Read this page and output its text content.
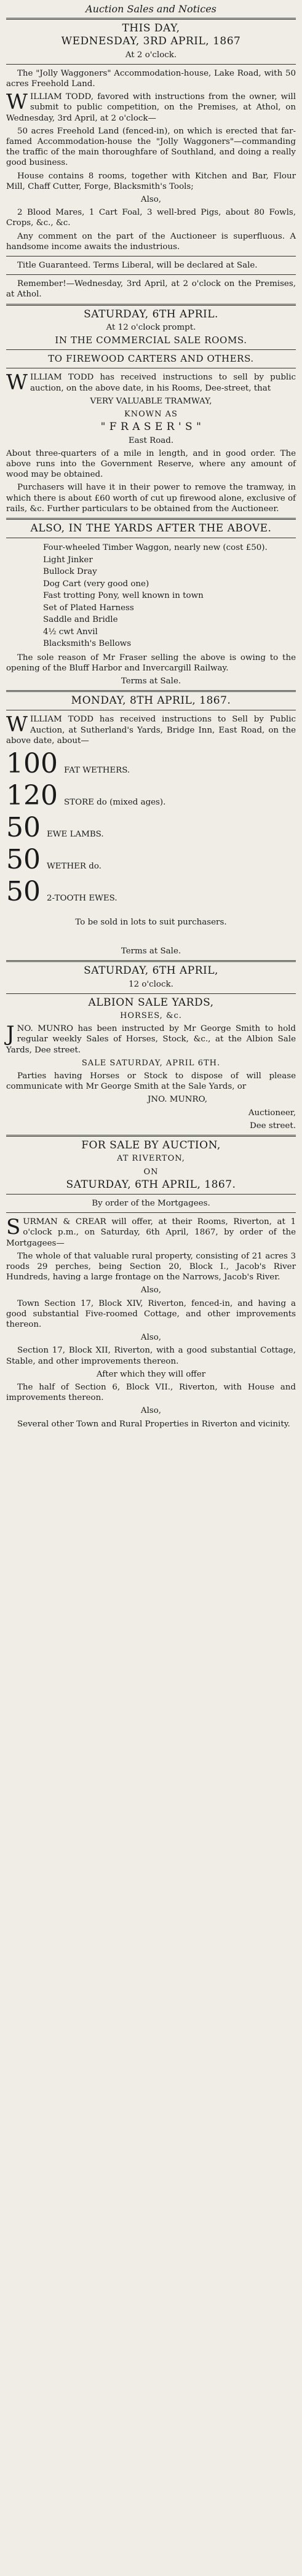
Auction Sales and Notices
THIS DAY,
WEDNESDAY, 3RD APRIL, 1867
At 2 o'clock.
The "Jolly Waggoners" Accommodation-house, Lake Road, with 50 acres Freehold Land.
WILLIAM TODD, favored with instructions from the owner, will submit to public competition, on the Premises, at Athol, on Wednesday, 3rd April, at 2 o'clock—
50 acres Freehold Land (fenced-in), on which is erected that far-famed Accommodation-house the "Jolly Waggoners"—commanding the traffic of the main thoroughfare of Southland, and doing a really good business.
House contains 8 rooms, together with Kitchen and Bar, Flour Mill, Chaff Cutter, Forge, Blacksmith's Tools;
Also,
2 Blood Mares, 1 Cart Foal, 3 well-bred Pigs, about 80 Fowls, Crops, &c., &c.
Any comment on the part of the Auctioneer is superfluous. A handsome income awaits the industrious.
Title Guaranteed. Terms Liberal, will be declared at Sale.
Remember!—Wednesday, 3rd April, at 2 o'clock on the Premises, at Athol.
SATURDAY, 6TH APRIL.
At 12 o'clock prompt.
IN THE COMMERCIAL SALE ROOMS.
TO FIREWOOD CARTERS AND OTHERS.
WILLIAM TODD has received instructions to sell by public auction, on the above date, in his Rooms, Dee-street, that
VERY VALUABLE TRAMWAY,
KNOWN AS
" F R A S E R ' S "
East Road.
About three-quarters of a mile in length, and in good order. The above runs into the Government Reserve, where any amount of wood may be obtained.
Purchasers will have it in their power to remove the tramway, in which there is about £60 worth of cut up firewood alone, exclusive of rails, &c. Further particulars to be obtained from the Auctioneer.
ALSO, IN THE YARDS AFTER THE ABOVE.
Four-wheeled Timber Waggon, nearly new (cost £50).
Light Jinker
Bullock Dray
Dog Cart (very good one)
Fast trotting Pony, well known in town
Set of Plated Harness
Saddle and Bridle
4½ cwt Anvil
Blacksmith's Bellows
The sole reason of Mr Fraser selling the above is owing to the opening of the Bluff Harbor and Invercargill Railway.
Terms at Sale.
MONDAY, 8TH APRIL, 1867.
WILLIAM TODD has received instructions to Sell by Public Auction, at Sutherland's Yards, Bridge Inn, East Road, on the above date, about—
100 FAT WETHERS.
120 STORE do (mixed ages).
50 EWE LAMBS.
50 WETHER do.
50 2-TOOTH EWES.
To be sold in lots to suit purchasers.
Terms at Sale.
SATURDAY, 6TH APRIL,
12 o'clock.
ALBION SALE YARDS,
HORSES, &c.
JNO. MUNRO has been instructed by Mr George Smith to hold regular weekly Sales of Horses, Stock, &c., at the Albion Sale Yards, Dee street.
SALE SATURDAY, APRIL 6TH.
Parties having Horses or Stock to dispose of will please communicate with Mr George Smith at the Sale Yards, or
JNO. MUNRO,
Auctioneer,
Dee street.
FOR SALE BY AUCTION,
AT RIVERTON,
ON
SATURDAY, 6TH APRIL, 1867.
By order of the Mortgagees.
SURMAN & CREAR will offer, at their Rooms, Riverton, at 1 o'clock p.m., on Saturday, 6th April, 1867, by order of the Mortgagees—
The whole of that valuable rural property, consisting of 21 acres 3 roods 29 perches, being Section 20, Block I., Jacob's River Hundreds, having a large frontage on the Narrows, Jacob's River.
Also,
Town Section 17, Block XIV, Riverton, fenced-in, and having a good substantial Five-roomed Cottage, and other improvements thereon.
Also,
Section 17, Block XII, Riverton, with a good substantial Cottage, Stable, and other improvements thereon.
After which they will offer
The half of Section 6, Block VII., Riverton, with House and improvements thereon.
Also,
Several other Town and Rural Properties in Riverton and vicinity.
